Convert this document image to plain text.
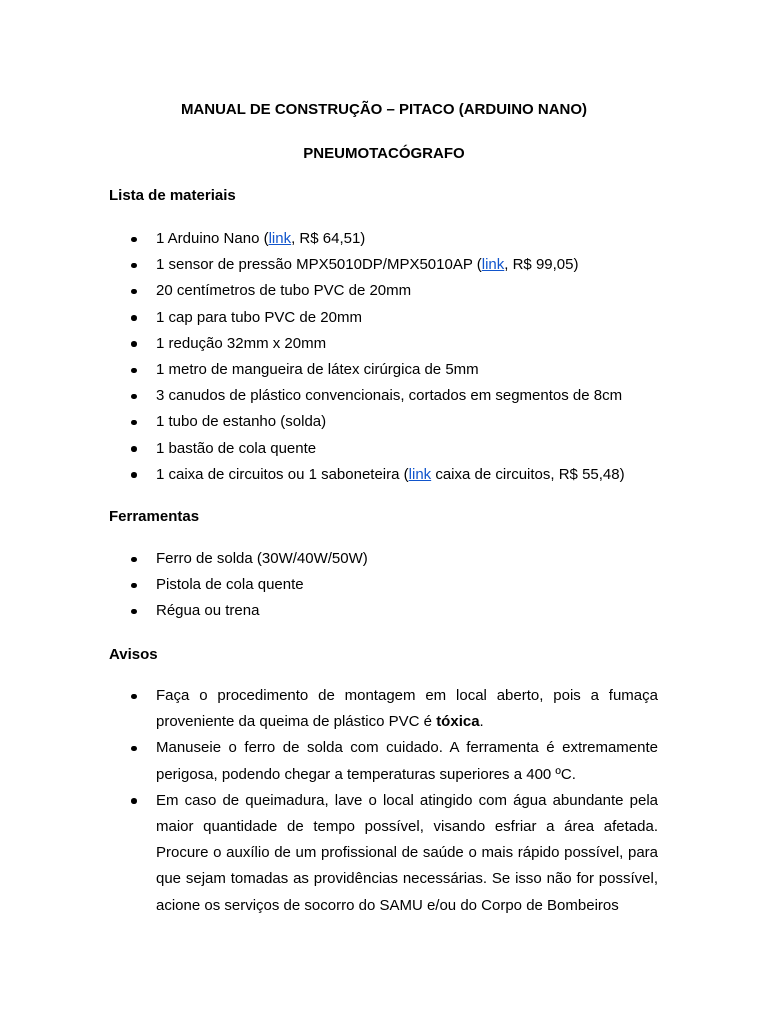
MANUAL DE CONSTRUÇÃO – PITACO (ARDUINO NANO)
PNEUMOTACÓGRAFO
Lista de materiais
1 Arduino Nano (link, R$ 64,51)
1 sensor de pressão MPX5010DP/MPX5010AP (link, R$ 99,05)
20 centímetros de tubo PVC de 20mm
1 cap para tubo PVC de 20mm
1 redução 32mm x 20mm
1 metro de mangueira de látex cirúrgica de 5mm
3 canudos de plástico convencionais, cortados em segmentos de 8cm
1 tubo de estanho (solda)
1 bastão de cola quente
1 caixa de circuitos ou 1 saboneteira (link caixa de circuitos, R$ 55,48)
Ferramentas
Ferro de solda (30W/40W/50W)
Pistola de cola quente
Régua ou trena
Avisos
Faça o procedimento de montagem em local aberto, pois a fumaça proveniente da queima de plástico PVC é tóxica.
Manuseie o ferro de solda com cuidado. A ferramenta é extremamente perigosa, podendo chegar a temperaturas superiores a 400 ºC.
Em caso de queimadura, lave o local atingido com água abundante pela maior quantidade de tempo possível, visando esfriar a área afetada. Procure o auxílio de um profissional de saúde o mais rápido possível, para que sejam tomadas as providências necessárias. Se isso não for possível, acione os serviços de socorro do SAMU e/ou do Corpo de Bombeiros
